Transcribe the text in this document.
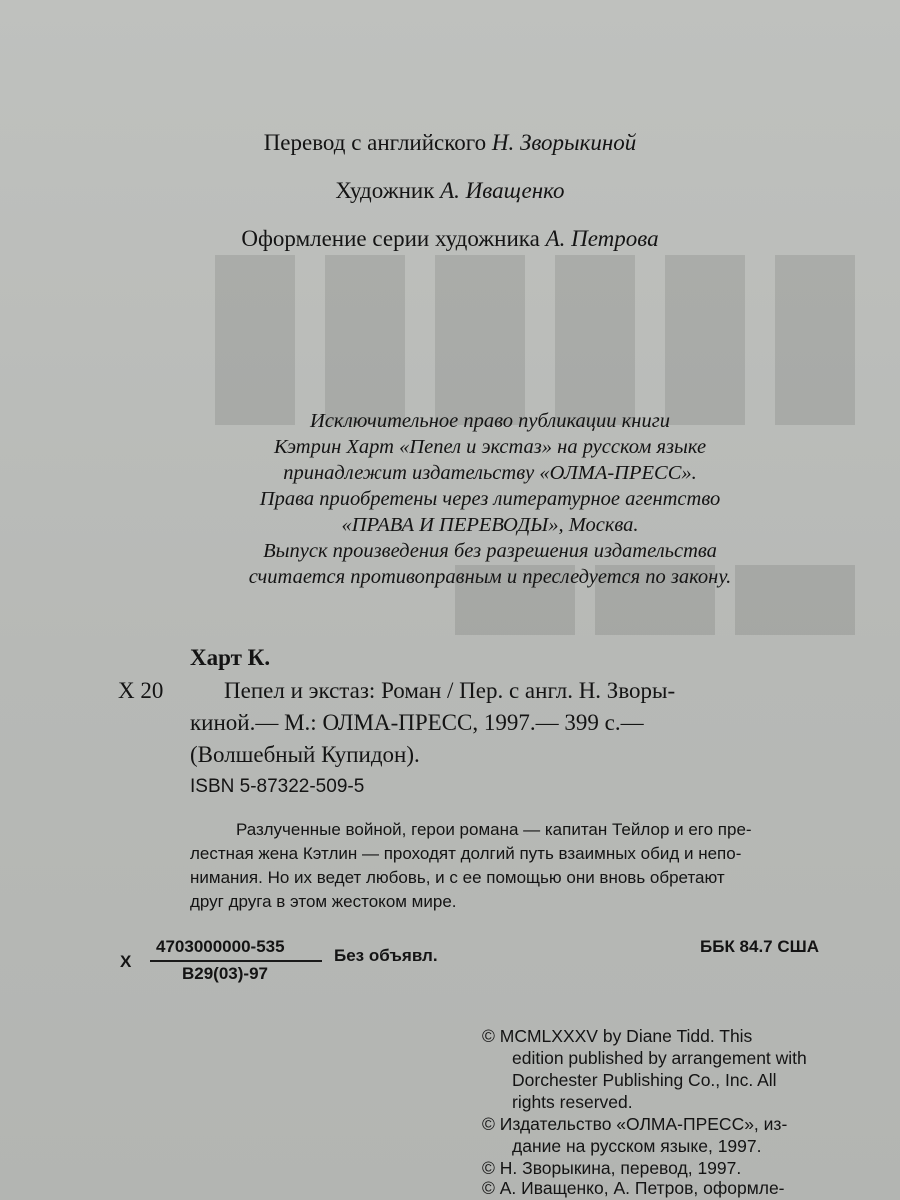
Перевод с английского Н. Зворыкиной
Художник А. Иващенко
Оформление серии художника А. Петрова
Исключительное право публикации книги
Кэтрин Харт «Пепел и экстаз» на русском языке
принадлежит издательству «ОЛМА-ПРЕСС».
Права приобретены через литературное агентство
«ПРАВА И ПЕРЕВОДЫ», Москва.
Выпуск произведения без разрешения издательства
считается противоправным и преследуется по закону.
Харт К.
Х 20	Пепел и экстаз: Роман / Пер. с англ. Н. Зворы-
киной.— М.: ОЛМА-ПРЕСС, 1997.— 399 с.—
(Волшебный Купидон).
ISBN 5-87322-509-5
Разлученные войной, герои романа — капитан Тейлор и его пре-
лестная жена Кэтлин — проходят долгий путь взаимных обид и непо-
нимания. Но их ведет любовь, и с ее помощью они вновь обретают
друг друга в этом жестоком мире.
Х
4703000000-535
В29(03)-97
Без объявл.	ББК 84.7 США
© MCMLXXXV by Diane Tidd. This
edition published by arrangement with
Dorchester Publishing Co., Inc. All
rights reserved.
© Издательство «ОЛМА-ПРЕСС», из-
дание на русском языке, 1997.
© Н. Зворыкина, перевод, 1997.
© А. Иващенко, А. Петров, оформле-
